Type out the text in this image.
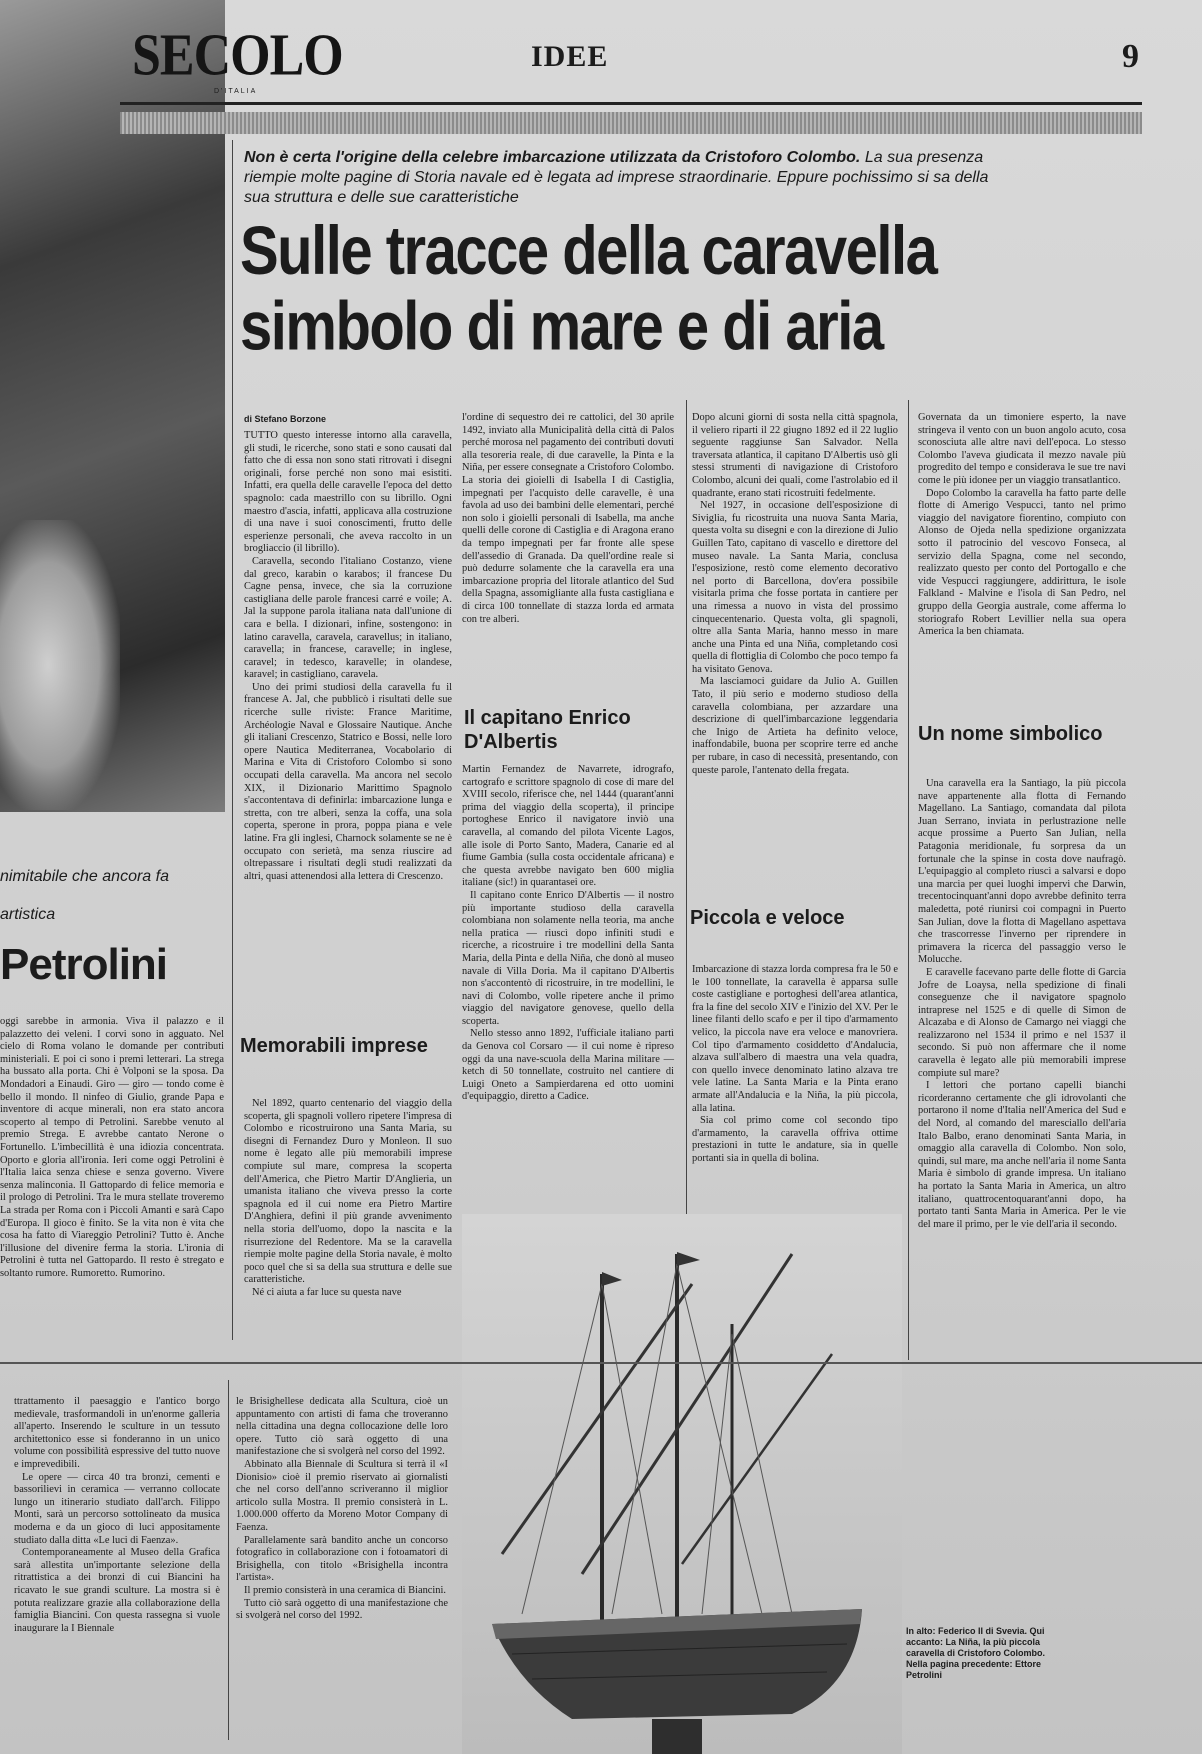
SECOLO
D'ITALIA
IDEE	9
nimitabile che ancora fa
artistica
Petrolini

oggi sarebbe in armonia. Viva il palazzo e il palazzetto dei veleni. I corvi sono in agguato. Nel cielo di Roma volano le domande per contributi ministeriali. E poi ci sono i premi letterari. La strega ha bussato alla porta. Chi è Volponi se la sposa. Da Mondadori a Einaudi. Giro — giro — tondo come è bello il mondo. Il ninfeo di Giulio, grande Papa e inventore di acque minerali, non era stato ancora scoperto al tempo di Petrolini. Sarebbe venuto al premio Strega. E avrebbe cantato Nerone o Fortunello. L'imbecillità è una idiozia concentrata. Oporto e gloria all'ironia. Ieri come oggi Petrolini è l'Italia laica senza chiese e senza governo. Vivere senza malinconia. Il Gattopardo di felice memoria e il prologo di Petrolini. Tra le mura stellate troveremo La strada per Roma con i Piccoli Amanti e sarà Capo d'Europa. Il gioco è finito. Se la vita non è vita che cosa ha fatto di Viareggio Petrolini? Tutto è. Anche l'illusione del divenire ferma la storia. L'ironia di Petrolini è tutta nel Gattopardo. Il resto è stregato e soltanto rumore. Rumoretto. Rumorino.

Non è certa l'origine della celebre imbarcazione utilizzata da Cristoforo Colombo. La sua presenza riempie molte pagine di Storia navale ed è legata ad imprese straordinarie. Eppure pochissimo si sa della sua struttura e delle sue caratteristiche
Sulle tracce della caravella
simbolo di mare e di aria
di Stefano Borzone

TUTTO questo interesse intorno alla caravella, gli studi, le ricerche, sono stati e sono causati dal fatto che di essa non sono stati ritrovati i disegni originali, forse perché non sono mai esistiti. Infatti, era quella delle caravelle l'epoca del detto spagnolo: cada maestrillo con su librillo. Ogni maestro d'ascia, infatti, applicava alla costruzione di una nave i suoi conoscimenti, frutto delle esperienze personali, che aveva raccolto in un brogliaccio (il librillo).

Caravella, secondo l'italiano Costanzo, viene dal greco, karabin o karabos; il francese Du Cagne pensa, invece, che sia la corruzione castigliana delle parole francesi carré e voile; A. Jal la suppone parola italiana nata dall'unione di cara e bella. I dizionari, infine, sostengono: in latino caravella, caravela, caravellus; in italiano, caravella; in francese, caravelle; in inglese, caravel; in tedesco, karavelle; in olandese, karavel; in castigliano, caravela.

Uno dei primi studiosi della caravella fu il francese A. Jal, che pubblicò i risultati delle sue ricerche sulle riviste: France Maritime, Archéologie Naval e Glossaire Nautique. Anche gli italiani Crescenzo, Statrico e Bossi, nelle loro opere Nautica Mediterranea, Vocabolario di Marina e Vita di Cristoforo Colombo si sono occupati della caravella. Ma ancora nel secolo XIX, il Dizionario Marittimo Spagnolo s'accontentava di definirla: imbarcazione lunga e stretta, con tre alberi, senza la coffa, una sola coperta, sperone in prora, poppa piana e vele latine. Fra gli inglesi, Charnock solamente se ne è occupato con serietà, ma senza riuscire ad oltrepassare i risultati degli studi realizzati da altri, quasi attenendosi alla lettera di Crescenzo.

Memorabili imprese

Nel 1892, quarto centenario del viaggio della scoperta, gli spagnoli vollero ripetere l'impresa di Colombo e ricostruirono una Santa Maria, su disegni di Fernandez Duro y Monleon. Il suo nome è legato alle più memorabili imprese compiute sul mare, compresa la scoperta dell'America, che Pietro Martir D'Anglieria, un umanista italiano che viveva presso la corte spagnola ed il cui nome era Pietro Martire D'Anghiera, definì il più grande avvenimento nella storia dell'uomo, dopo la nascita e la risurrezione del Redentore. Ma se la caravella riempie molte pagine della Storia navale, è molto poco quel che si sa della sua struttura e delle sue caratteristiche.

Né ci aiuta a far luce su questa nave

l'ordine di sequestro dei re cattolici, del 30 aprile 1492, inviato alla Municipalità della città di Palos perché morosa nel pagamento dei contributi dovuti alla tesoreria reale, di due caravelle, la Pinta e la Niña, per essere consegnate a Cristoforo Colombo. La storia dei gioielli di Isabella I di Castiglia, impegnati per l'acquisto delle caravelle, è una favola ad uso dei bambini delle elementari, perché non solo i gioielli personali di Isabella, ma anche quelli delle corone di Castiglia e di Aragona erano da tempo impegnati per far fronte alle spese dell'assedio di Granada. Da quell'ordine reale si può dedurre solamente che la caravella era una imbarcazione propria del litorale atlantico del Sud della Spagna, assomigliante alla fusta castigliana e di circa 100 tonnellate di stazza lorda ed armata con tre alberi.

Il capitano Enrico D'Albertis

Martin Fernandez de Navarrete, idrografo, cartografo e scrittore spagnolo di cose di mare del XVIII secolo, riferisce che, nel 1444 (quarant'anni prima del viaggio della scoperta), il principe portoghese Enrico il navigatore inviò una caravella, al comando del pilota Vicente Lagos, alle isole di Porto Santo, Madera, Canarie ed al fiume Gambia (sulla costa occidentale africana) e che questa avrebbe navigato ben 600 miglia italiane (sic!) in quarantasei ore.

Il capitano conte Enrico D'Albertis — il nostro più importante studioso della caravella colombiana non solamente nella teoria, ma anche nella pratica — riuscì dopo infiniti studi e ricerche, a ricostruire i tre modellini della Santa Maria, della Pinta e della Niña, che donò al museo navale di Villa Doria. Ma il capitano D'Albertis non s'accontentò di ricostruire, in tre modellini, le navi di Colombo, volle ripetere anche il primo viaggio del navigatore genovese, quello della scoperta.

Nello stesso anno 1892, l'ufficiale italiano partì da Genova col Corsaro — il cui nome è ripreso oggi da una nave-scuola della Marina militare — ketch di 50 tonnellate, costruito nel cantiere di Luigi Oneto a Sampierdarena ed otto uomini d'equipaggio, diretto a Cadice.

Dopo alcuni giorni di sosta nella città spagnola, il veliero riparti il 22 giugno 1892 ed il 22 luglio seguente raggiunse San Salvador. Nella traversata atlantica, il capitano D'Albertis usò gli stessi strumenti di navigazione di Cristoforo Colombo, alcuni dei quali, come l'astrolabio ed il quadrante, erano stati ricostruiti fedelmente.

Nel 1927, in occasione dell'esposizione di Siviglia, fu ricostruita una nuova Santa Maria, questa volta su disegni e con la direzione di Julio Guillen Tato, capitano di vascello e direttore del museo navale. La Santa Maria, conclusa l'esposizione, restò come elemento decorativo nel porto di Barcellona, dov'era possibile visitarla prima che fosse portata in cantiere per una rimessa a nuovo in vista del prossimo cinquecentenario. Questa volta, gli spagnoli, oltre alla Santa Maria, hanno messo in mare anche una Pinta ed una Niña, completando così quella di flottiglia di Colombo che poco tempo fa ha visitato Genova.

Ma lasciamoci guidare da Julio A. Guillen Tato, il più serio e moderno studioso della caravella colombiana, per azzardare una descrizione di quell'imbarcazione leggendaria che Inigo de Artieta ha definito veloce, inaffondabile, buona per scoprire terre ed anche per rubare, in caso di necessità, presentando, con queste parole, l'antenato della fregata.

Piccola e veloce

Imbarcazione di stazza lorda compresa fra le 50 e le 100 tonnellate, la caravella è apparsa sulle coste castigliane e portoghesi dell'area atlantica, fra la fine del secolo XIV e l'inizio del XV. Per le linee filanti dello scafo e per il tipo d'armamento velico, la piccola nave era veloce e manovriera. Col tipo d'armamento cosiddetto d'Andalucia, alzava sull'albero di maestra una vela quadra, con quello invece denominato latino alzava tre vele latine. La Santa Maria e la Pinta erano armate all'Andalucia e la Niña, la più piccola, alla latina.

Sia col primo come col secondo tipo d'armamento, la caravella offriva ottime prestazioni in tutte le andature, sia in quelle portanti sia in quella di bolina.

Governata da un timoniere esperto, la nave stringeva il vento con un buon angolo acuto, cosa sconosciuta alle altre navi dell'epoca. Lo stesso Colombo l'aveva giudicata il mezzo navale più progredito del tempo e considerava le sue tre navi come le più idonee per un viaggio transatlantico.

Dopo Colombo la caravella ha fatto parte delle flotte di Amerigo Vespucci, tanto nel primo viaggio del navigatore fiorentino, compiuto con Alonso de Ojeda nella spedizione organizzata sotto il patrocinio del vescovo Fonseca, al servizio della Spagna, come nel secondo, realizzato questo per conto del Portogallo e che vide Vespucci raggiungere, addirittura, le isole Falkland - Malvine e l'isola di San Pedro, nel gruppo della Georgia australe, come afferma lo storiografo Robert Levillier nella sua opera America la ben chiamata.

Un nome simbolico

Una caravella era la Santiago, la più piccola nave appartenente alla flotta di Fernando Magellano. La Santiago, comandata dal pilota Juan Serrano, inviata in perlustrazione nelle acque prossime a Puerto San Julian, nella Patagonia meridionale, fu sorpresa da un fortunale che la spinse in costa dove naufragò. L'equipaggio al completo riuscì a salvarsi e dopo una marcia per quei luoghi impervi che Darwin, trecentocinquant'anni dopo avrebbe definito terra maledetta, poté riunirsi coi compagni in Puerto San Julian, dove la flotta di Magellano aspettava che trascorresse l'inverno per riprendere in primavera la ricerca del passaggio verso le Molucche.

E caravelle facevano parte delle flotte di Garcia Jofre de Loaysa, nella spedizione di finali conseguenze che il navigatore spagnolo intraprese nel 1525 e di quelle di Simon de Alcazaba e di Alonso de Camargo nei viaggi che realizzarono nel 1534 il primo e nel 1537 il secondo. Si può non affermare che il nome caravella è legato alle più memorabili imprese compiute sul mare?

I lettori che portano capelli bianchi ricorderanno certamente che gli idrovolanti che portarono il nome d'Italia nell'America del Sud e del Nord, al comando del maresciallo dell'aria Italo Balbo, erano denominati Santa Maria, in omaggio alla caravella di Colombo. Non solo, quindi, sul mare, ma anche nell'aria il nome Santa Maria è simbolo di grande impresa. Un italiano ha portato la Santa Maria in America, un altro italiano, quattrocentoquarant'anni dopo, ha portato tanti Santa Maria in America. Per le vie del mare il primo, per le vie dell'aria il secondo.

In alto: Federico II di Svevia. Qui accanto: La Niña, la più piccola caravella di Cristoforo Colombo. Nella pagina precedente: Ettore Petrolini

ttrattamento il paesaggio e l'antico borgo medievale, trasformandoli in un'enorme galleria all'aperto. Inserendo le sculture in un tessuto architettonico esse si fonderanno in un unico volume con possibilità espressive del tutto nuove e imprevedibili.

Le opere — circa 40 tra bronzi, cementi e bassorilievi in ceramica — verranno collocate lungo un itinerario studiato dall'arch. Filippo Monti, sarà un percorso sottolineato da musica moderna e da un gioco di luci appositamente studiato dalla ditta «Le luci di Faenza».

Contemporaneamente al Museo della Grafica sarà allestita un'importante selezione della ritrattistica a dei bronzi di cui Biancini ha ricavato le sue grandi sculture. La mostra si è potuta realizzare grazie alla collaborazione della famiglia Biancini. Con questa rassegna si vuole inaugurare la I Biennale

le Brisighellese dedicata alla Scultura, cioè un appuntamento con artisti di fama che troveranno nella cittadina una degna collocazione delle loro opere. Tutto ciò sarà oggetto di una manifestazione che si svolgerà nel corso del 1992.

Abbinato alla Biennale di Scultura si terrà il «I Dionisio» cioè il premio riservato ai giornalisti che nel corso dell'anno scriveranno il miglior articolo sulla Mostra. Il premio consisterà in L. 1.000.000 offerto da Moreno Motor Company di Faenza.

Parallelamente sarà bandito anche un concorso fotografico in collaborazione con i fotoamatori di Brisighella, con titolo «Brisighella incontra l'artista».

Il premio consisterà in una ceramica di Biancini.

Tutto ciò sarà oggetto di una manifestazione che si svolgerà nel corso del 1992.
